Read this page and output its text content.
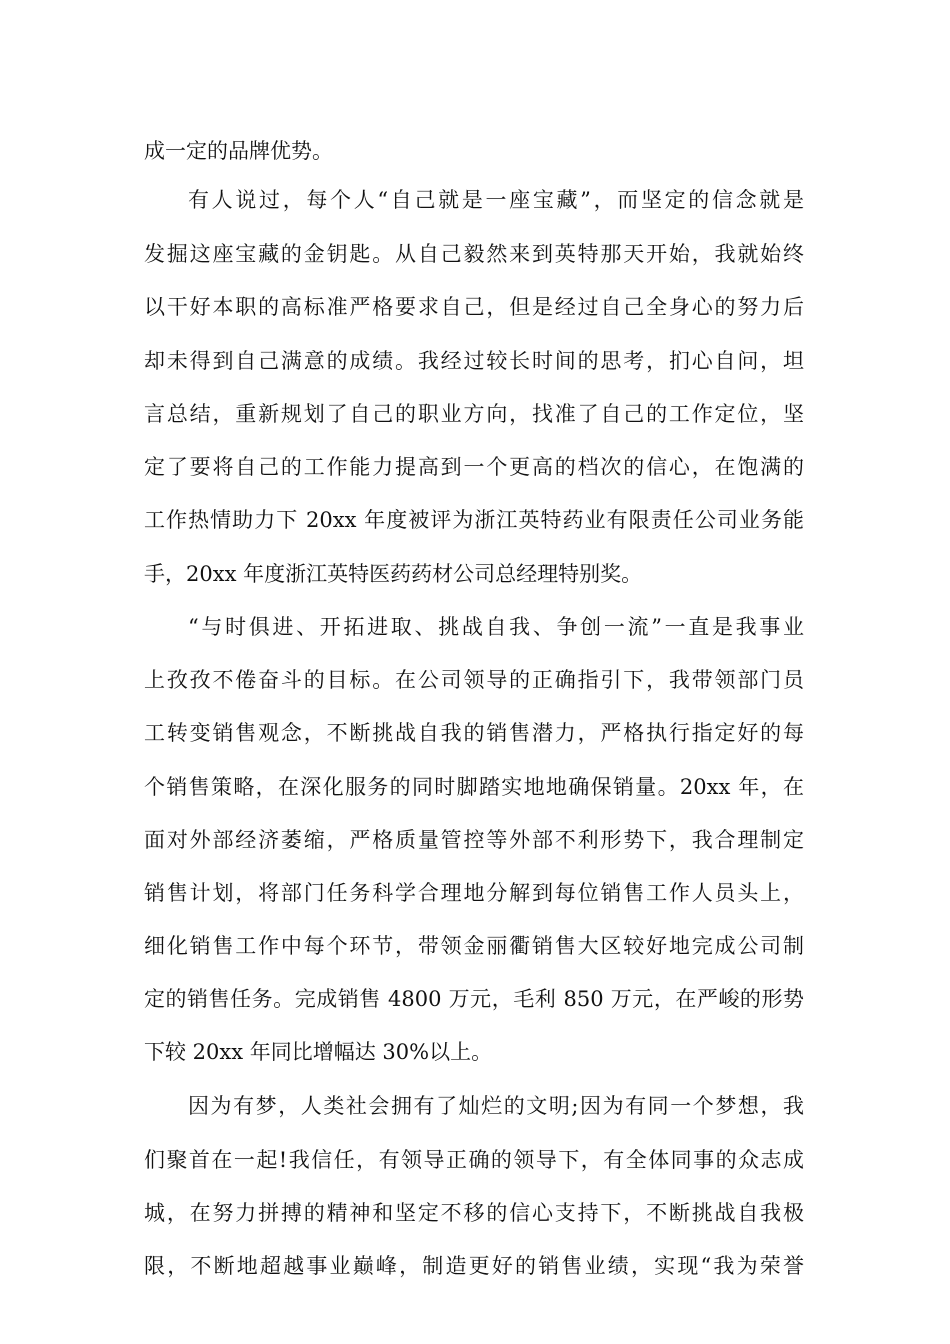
成一定的品牌优势。
有人说过，每个人“自己就是一座宝藏”，而坚定的信念就是
发掘这座宝藏的金钥匙。从自己毅然来到英特那天开始，我就始终
以干好本职的高标准严格要求自己，但是经过自己全身心的努力后
却未得到自己满意的成绩。我经过较长时间的思考，扪心自问，坦
言总结，重新规划了自己的职业方向，找准了自己的工作定位，坚
定了要将自己的工作能力提高到一个更高的档次的信心，在饱满的
工作热情助力下 20xx 年度被评为浙江英特药业有限责任公司业务能
手，20xx 年度浙江英特医药药材公司总经理特别奖。
“与时俱进、开拓进取、挑战自我、争创一流”一直是我事业
上孜孜不倦奋斗的目标。在公司领导的正确指引下，我带领部门员
工转变销售观念，不断挑战自我的销售潜力，严格执行指定好的每
个销售策略，在深化服务的同时脚踏实地地确保销量。20xx 年，在
面对外部经济萎缩，严格质量管控等外部不利形势下，我合理制定
销售计划，将部门任务科学合理地分解到每位销售工作人员头上，
细化销售工作中每个环节，带领金丽衢销售大区较好地完成公司制
定的销售任务。完成销售 4800 万元，毛利 850 万元，在严峻的形势
下较 20xx 年同比增幅达 30%以上。
因为有梦，人类社会拥有了灿烂的文明;因为有同一个梦想，我
们聚首在一起!我信任，有领导正确的领导下，有全体同事的众志成
城，在努力拼搏的精神和坚定不移的信心支持下，不断挑战自我极
限，不断地超越事业巅峰，制造更好的销售业绩，实现“我为荣誉
